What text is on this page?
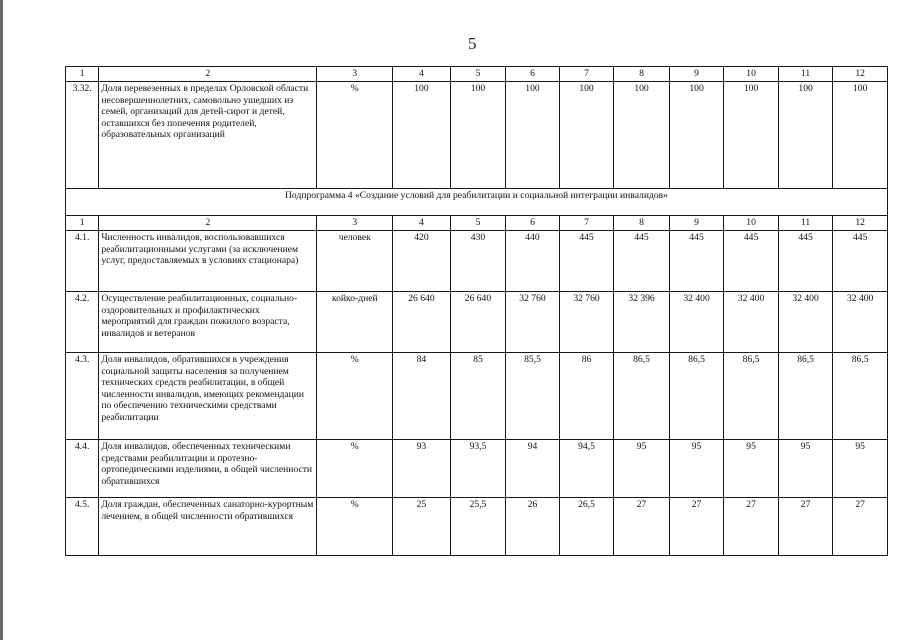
5
1	2	3	4	5	6	7	8	9	10	11	12
3.32.	Доля перевезенных в пределах Орловской области несовершеннолетних, самовольно ушедших из семей, организаций для детей-сирот и детей, оставшихся без попечения родителей, образовательных организаций	%	100	100	100	100	100	100	100	100	100
Подпрограмма 4 «Создание условий для реабилитации и социальной интеграции инвалидов»											
1	2	3	4	5	6	7	8	9	10	11	12
4.1.	Численность инвалидов, воспользовавшихся реабилитационными услугами (за исключением услуг, предоставляемых в условиях стационара)	человек	420	430	440	445	445	445	445	445	445
4.2.	Осуществление реабилитационных, социально-оздоровительных и профилактических мероприятий для граждан пожилого возраста, инвалидов и ветеранов	койко-дней	26 640	26 640	32 760	32 760	32 396	32 400	32 400	32 400	32 400
4.3.	Доля инвалидов, обратившихся в учреждения социальной защиты населения за получением технических средств реабилитации, в общей численности инвалидов, имеющих рекомендации по обеспечению техническими средствами реабилитации	%	84	85	85,5	86	86,5	86,5	86,5	86,5	86,5
4.4.	Доля инвалидов, обеспеченных техническими средствами реабилитации и протезно-ортопедическими изделиями, в общей численности обратившихся	%	93	93,5	94	94,5	95	95	95	95	95
4.5.	Доля граждан, обеспеченных санаторно-курортным лечением, в общей численности обратившихся	%	25	25,5	26	26,5	27	27	27	27	27
